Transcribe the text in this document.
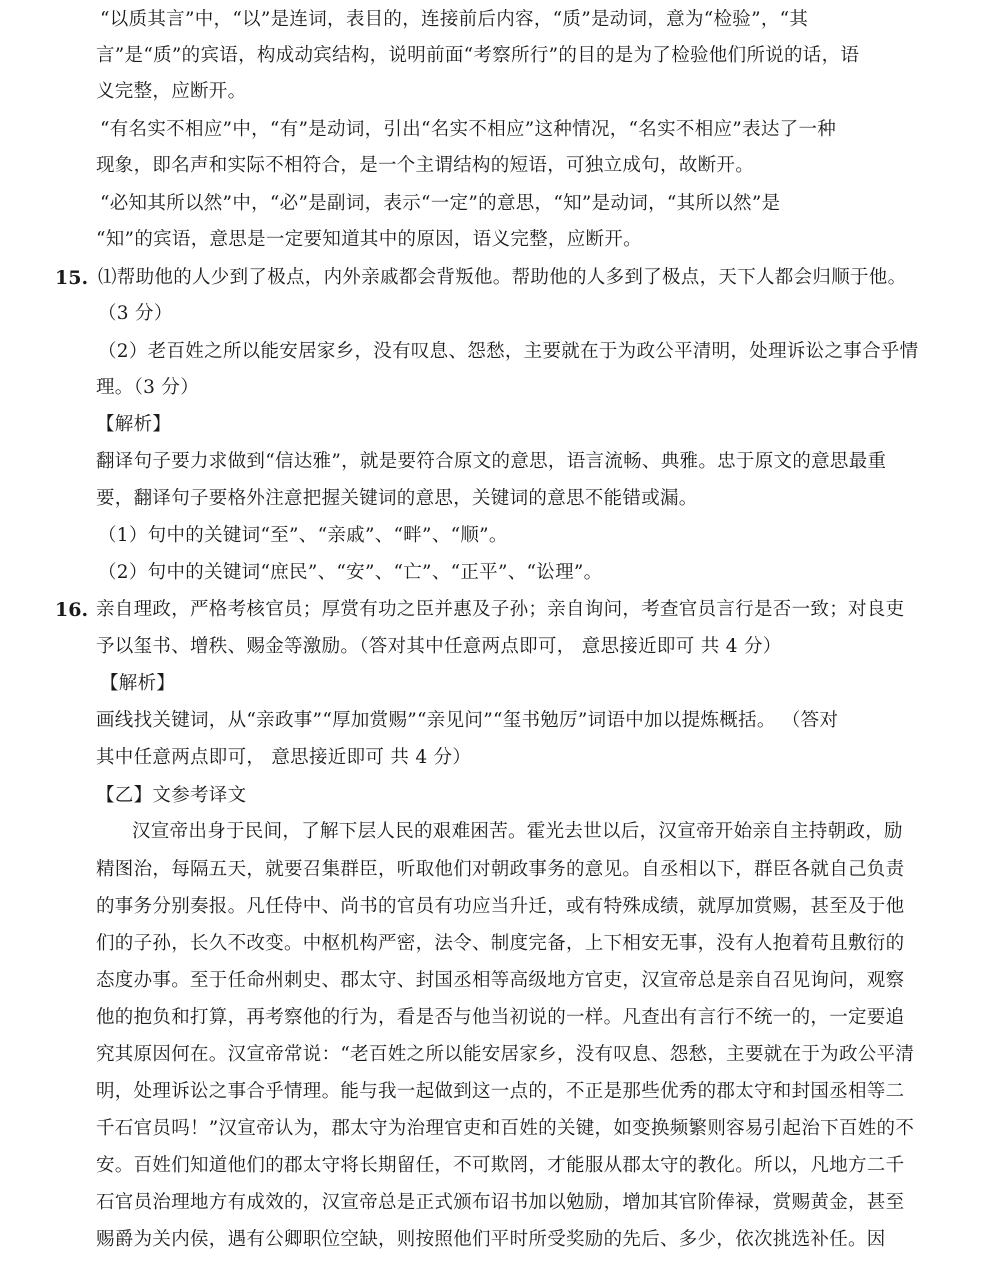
“以质其言”中，“以”是连词，表目的，连接前后内容，“质”是动词，意为“检验”，“其
言”是“质”的宾语，构成动宾结构，说明前面“考察所行”的目的是为了检验他们所说的话，语
义完整，应断开。
“有名实不相应”中，“有”是动词，引出“名实不相应”这种情况，“名实不相应”表达了一种
现象，即名声和实际不相符合，是一个主谓结构的短语，可独立成句，故断开。
“必知其所以然”中，“必”是副词，表示“一定”的意思，“知”是动词，“其所以然”是
“知”的宾语，意思是一定要知道其中的原因，语义完整，应断开。
15. ⑴帮助他的人少到了极点，内外亲戚都会背叛他。帮助他的人多到了极点，天下人都会归顺于他。
（3 分）
（2）老百姓之所以能安居家乡，没有叹息、怨愁，主要就在于为政公平清明，处理诉讼之事合乎情
理。（3 分）
【解析】
翻译句子要力求做到“信达雅”，就是要符合原文的意思，语言流畅、典雅。忠于原文的意思最重
要，翻译句子要格外注意把握关键词的意思，关键词的意思不能错或漏。
（1）句中的关键词“至”、“亲戚”、“畔”、“顺”。
（2）句中的关键词“庶民”、“安”、“亡”、“正平”、“讼理”。
16. 亲自理政，严格考核官员；厚赏有功之臣并惠及子孙；亲自询问，考查官员言行是否一致；对良吏
予以玺书、增秩、赐金等激励。（答对其中任意两点即可， 意思接近即可 共 4 分）
【解析】
画线找关键词，从“亲政事”“厚加赏赐”“亲见问”“玺书勉厉”词语中加以提炼概括。 （答对
其中任意两点即可， 意思接近即可 共 4 分）
【乙】文参考译文
汉宣帝出身于民间，了解下层人民的艰难困苦。霍光去世以后，汉宣帝开始亲自主持朝政，励
精图治，每隔五天，就要召集群臣，听取他们对朝政事务的意见。自丞相以下，群臣各就自己负责
的事务分别奏报。凡任侍中、尚书的官员有功应当升迁，或有特殊成绩，就厚加赏赐，甚至及于他
们的子孙，长久不改变。中枢机构严密，法令、制度完备，上下相安无事，没有人抱着苟且敷衍的
态度办事。至于任命州刺史、郡太守、封国丞相等高级地方官吏，汉宣帝总是亲自召见询问，观察
他的抱负和打算，再考察他的行为，看是否与他当初说的一样。凡查出有言行不统一的，一定要追
究其原因何在。汉宣帝常说：“老百姓之所以能安居家乡，没有叹息、怨愁，主要就在于为政公平清
明，处理诉讼之事合乎情理。能与我一起做到这一点的，不正是那些优秀的郡太守和封国丞相等二
千石官员吗！”汉宣帝认为，郡太守为治理官吏和百姓的关键，如变换频繁则容易引起治下百姓的不
安。百姓们知道他们的郡太守将长期留任，不可欺罔，才能服从郡太守的教化。所以，凡地方二千
石官员治理地方有成效的，汉宣帝总是正式颁布诏书加以勉励，增加其官阶俸禄，赏赐黄金，甚至
赐爵为关内侯，遇有公卿职位空缺，则按照他们平时所受奖励的先后、多少，依次挑选补任。因
